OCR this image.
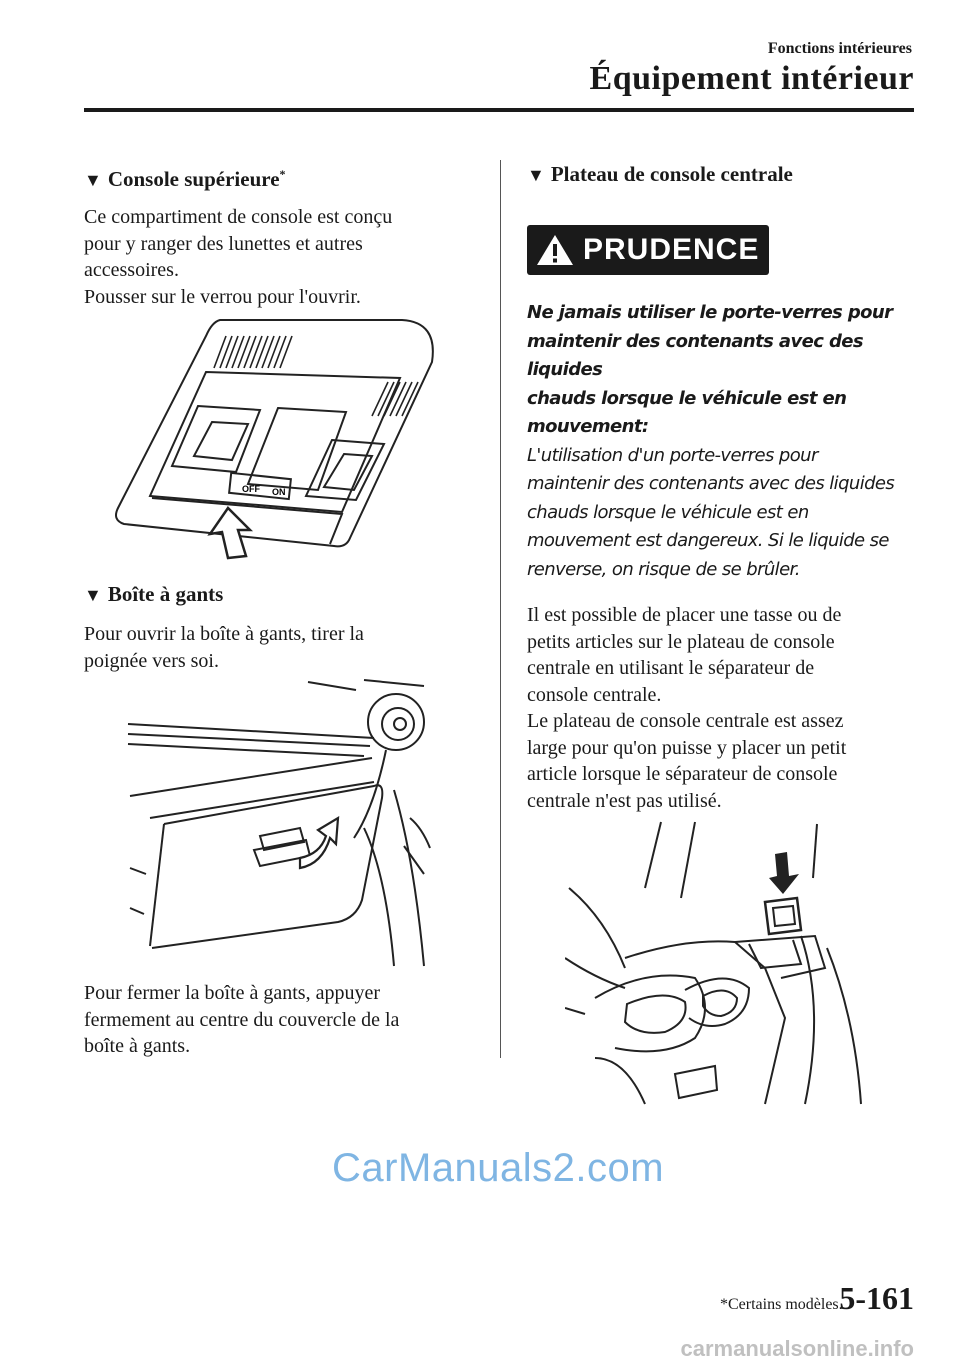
Fonctions intérieures
Équipement intérieur
▼ Console supérieure*

Ce compartiment de console est conçu
pour y ranger des lunettes et autres
accessoires.
Pousser sur le verrou pour l'ouvrir.

OFF ON
▼ Boîte à gants

Pour ouvrir la boîte à gants, tirer la
poignée vers soi.

Pour fermer la boîte à gants, appuyer
fermement au centre du couvercle de la
boîte à gants.

▼ Plateau de console centrale
PRUDENCE

Ne jamais utiliser le porte-verres pour
maintenir des contenants avec des liquides
chauds lorsque le véhicule est en
mouvement:

L'utilisation d'un porte-verres pour
maintenir des contenants avec des liquides
chauds lorsque le véhicule est en
mouvement est dangereux. Si le liquide se
renverse, on risque de se brûler.

Il est possible de placer une tasse ou de
petits articles sur le plateau de console
centrale en utilisant le séparateur de
console centrale.
Le plateau de console centrale est assez
large pour qu'on puisse y placer un petit
article lorsque le séparateur de console
centrale n'est pas utilisé.

CarManuals2.com
*Certains modèles.
5-161
carmanualsonline.info
